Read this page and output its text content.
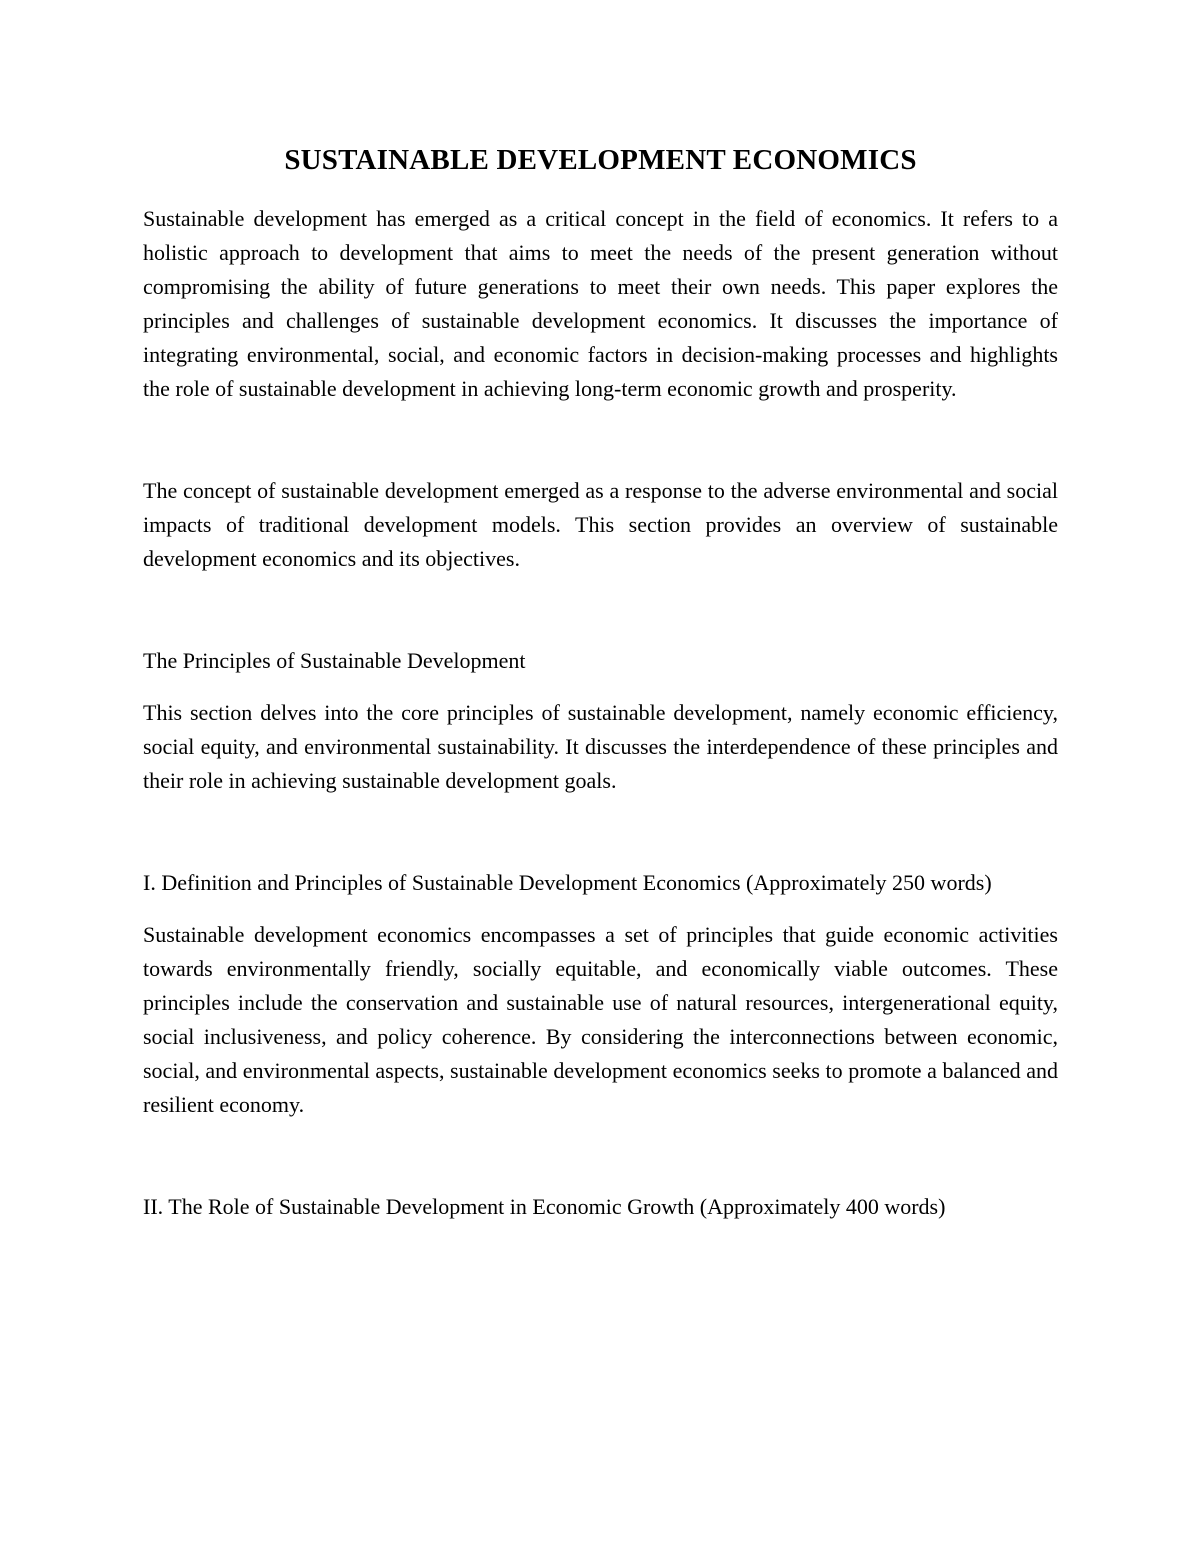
SUSTAINABLE DEVELOPMENT ECONOMICS

Sustainable development has emerged as a critical concept in the field of economics. It refers to a holistic approach to development that aims to meet the needs of the present generation without compromising the ability of future generations to meet their own needs. This paper explores the principles and challenges of sustainable development economics. It discusses the importance of integrating environmental, social, and economic factors in decision-making processes and highlights the role of sustainable development in achieving long-term economic growth and prosperity.

The concept of sustainable development emerged as a response to the adverse environmental and social impacts of traditional development models. This section provides an overview of sustainable development economics and its objectives.

The Principles of Sustainable Development

This section delves into the core principles of sustainable development, namely economic efficiency, social equity, and environmental sustainability. It discusses the interdependence of these principles and their role in achieving sustainable development goals.

I. Definition and Principles of Sustainable Development Economics (Approximately 250 words)

Sustainable development economics encompasses a set of principles that guide economic activities towards environmentally friendly, socially equitable, and economically viable outcomes. These principles include the conservation and sustainable use of natural resources, intergenerational equity, social inclusiveness, and policy coherence. By considering the interconnections between economic, social, and environmental aspects, sustainable development economics seeks to promote a balanced and resilient economy.

II. The Role of Sustainable Development in Economic Growth (Approximately 400 words)
